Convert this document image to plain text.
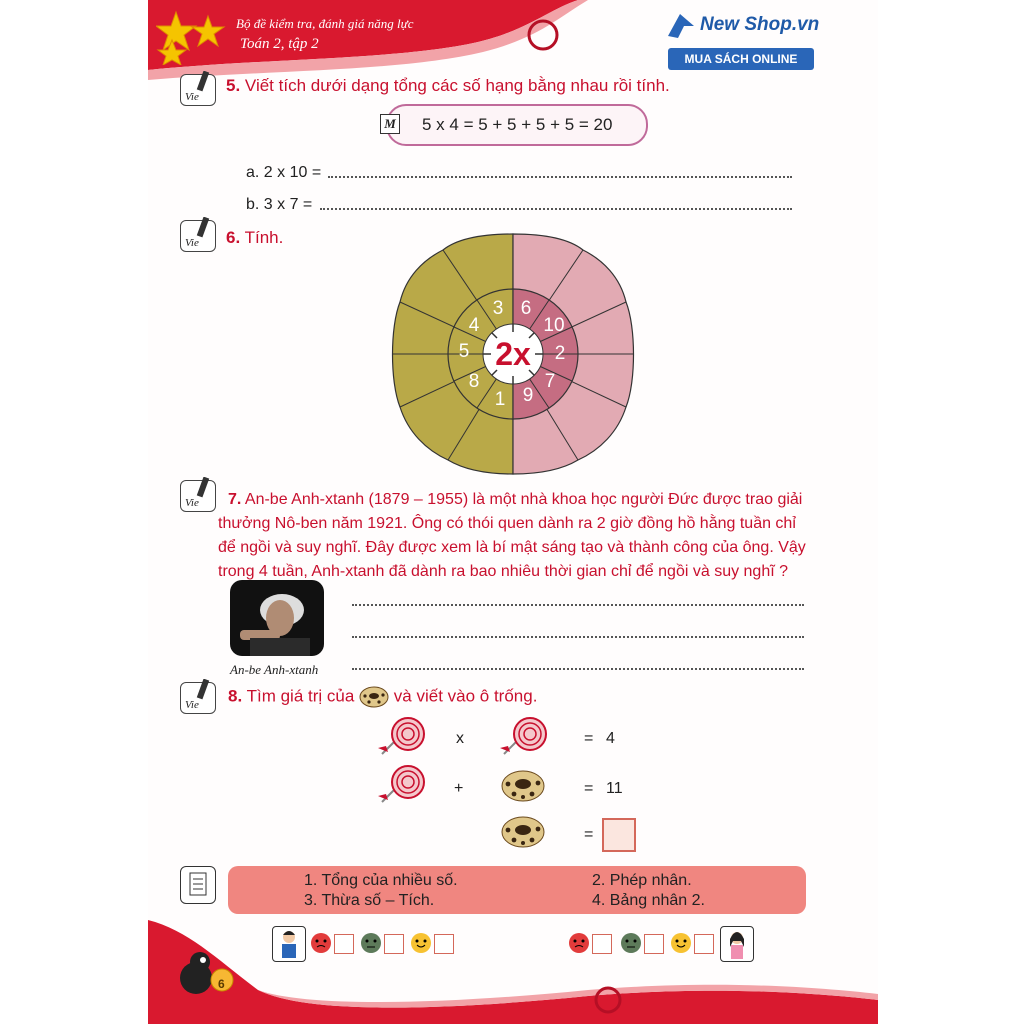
Bộ đề kiểm tra, đánh giá năng lực
Toán 2, tập 2
New Shop.vn
MUA SÁCH ONLINE
Vie
5. Viết tích dưới dạng tổng các số hạng bằng nhau rồi tính.
M 5 x 4 = 5 + 5 + 5 + 5 = 20
a. 2 x 10 =
b. 3 x 7 =
Vie 6. Tính.
2x
3
4
5
8
1
6
10
2
7
9
Vie	7. An-be Anh-xtanh (1879 – 1955) là một nhà khoa học người Đức được trao giải thưởng Nô-ben năm 1921. Ông có thói quen dành ra 2 giờ đồng hồ hằng tuần chỉ để ngồi và suy nghĩ. Đây được xem là bí mật sáng tạo và thành công của ông. Vậy trong 4 tuần, Anh-xtanh đã dành ra bao nhiêu thời gian chỉ để ngồi và suy nghĩ ?
An-be Anh-xtanh
Vie 8. Tìm giá trị của và viết vào ô trống.
x	= 4
+	= 11
=
1. Tổng của nhiều số.	2. Phép nhân.
3. Thừa số – Tích.	4. Bảng nhân 2.
6
